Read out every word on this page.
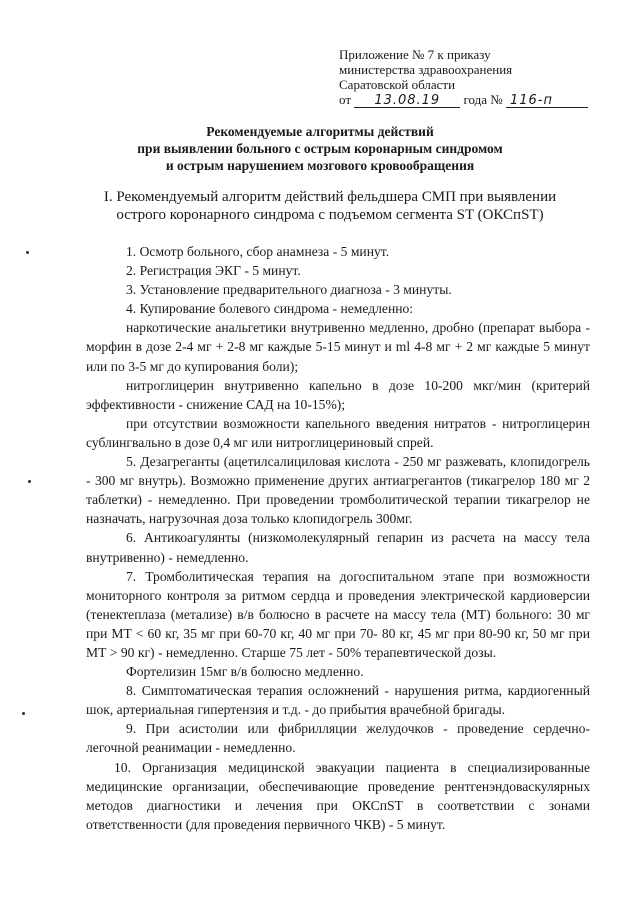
Приложение № 7 к приказу
министерства здравоохранения
Саратовской области
от 13.08.19 года № 116-п
Рекомендуемые алгоритмы действий
при выявлении больного с острым коронарным синдромом
и острым нарушением мозгового кровообращения
I. Рекомендуемый алгоритм действий фельдшера СМП при выявлении
острого коронарного синдрома с подъемом сегмента ST (ОКСпST)

1. Осмотр больного, сбор анамнеза - 5 минут.

2. Регистрация ЭКГ - 5 минут.

3. Установление предварительного диагноза - 3 минуты.

4. Купирование болевого синдрома - немедленно:

наркотические анальгетики внутривенно медленно, дробно (препарат выбора - морфин в дозе 2-4 мг + 2-8 мг каждые 5-15 минут и ml 4-8 мг + 2 мг каждые 5 минут или по 3-5 мг до купирования боли);

нитроглицерин внутривенно капельно в дозе 10-200 мкг/мин (критерий эффективности - снижение САД на 10-15%);

при отсутствии возможности капельного введения нитратов - нитроглицерин сублингвально в дозе 0,4 мг или нитроглицериновый спрей.

5. Дезагреганты (ацетилсалициловая кислота - 250 мг разжевать, клопидогрель - 300 мг внутрь). Возможно применение других антиагрегантов (тикагрелор 180 мг 2 таблетки) - немедленно. При проведении тромболитической терапии тикагрелор не назначать, нагрузочная доза только клопидогрель 300мг.

6. Антикоагулянты (низкомолекулярный гепарин из расчета на массу тела внутривенно) - немедленно.

7. Тромболитическая терапия на догоспитальном этапе при возможности мониторного контроля за ритмом сердца и проведения электрической кардиоверсии (тенектеплаза (метализе) в/в болюсно в расчете на массу тела (МТ) больного: 30 мг при МТ < 60 кг, 35 мг при 60-70 кг, 40 мг при 70- 80 кг, 45 мг при 80-90 кг, 50 мг при МТ > 90 кг) - немедленно. Старше 75 лет - 50% терапевтической дозы.

Фортелизин 15мг в/в болюсно медленно.

8. Симптоматическая терапия осложнений - нарушения ритма, кардиогенный шок, артериальная гипертензия и т.д. - до прибытия врачебной бригады.

9. При асистолии или фибрилляции желудочков - проведение сердечно-легочной реанимации - немедленно.

10. Организация медицинской эвакуации пациента в специализированные медицинские организации, обеспечивающие проведение рентгенэндоваскулярных методов диагностики и лечения при ОКСпST в соответствии с зонами ответственности (для проведения первичного ЧКВ) - 5 минут.
